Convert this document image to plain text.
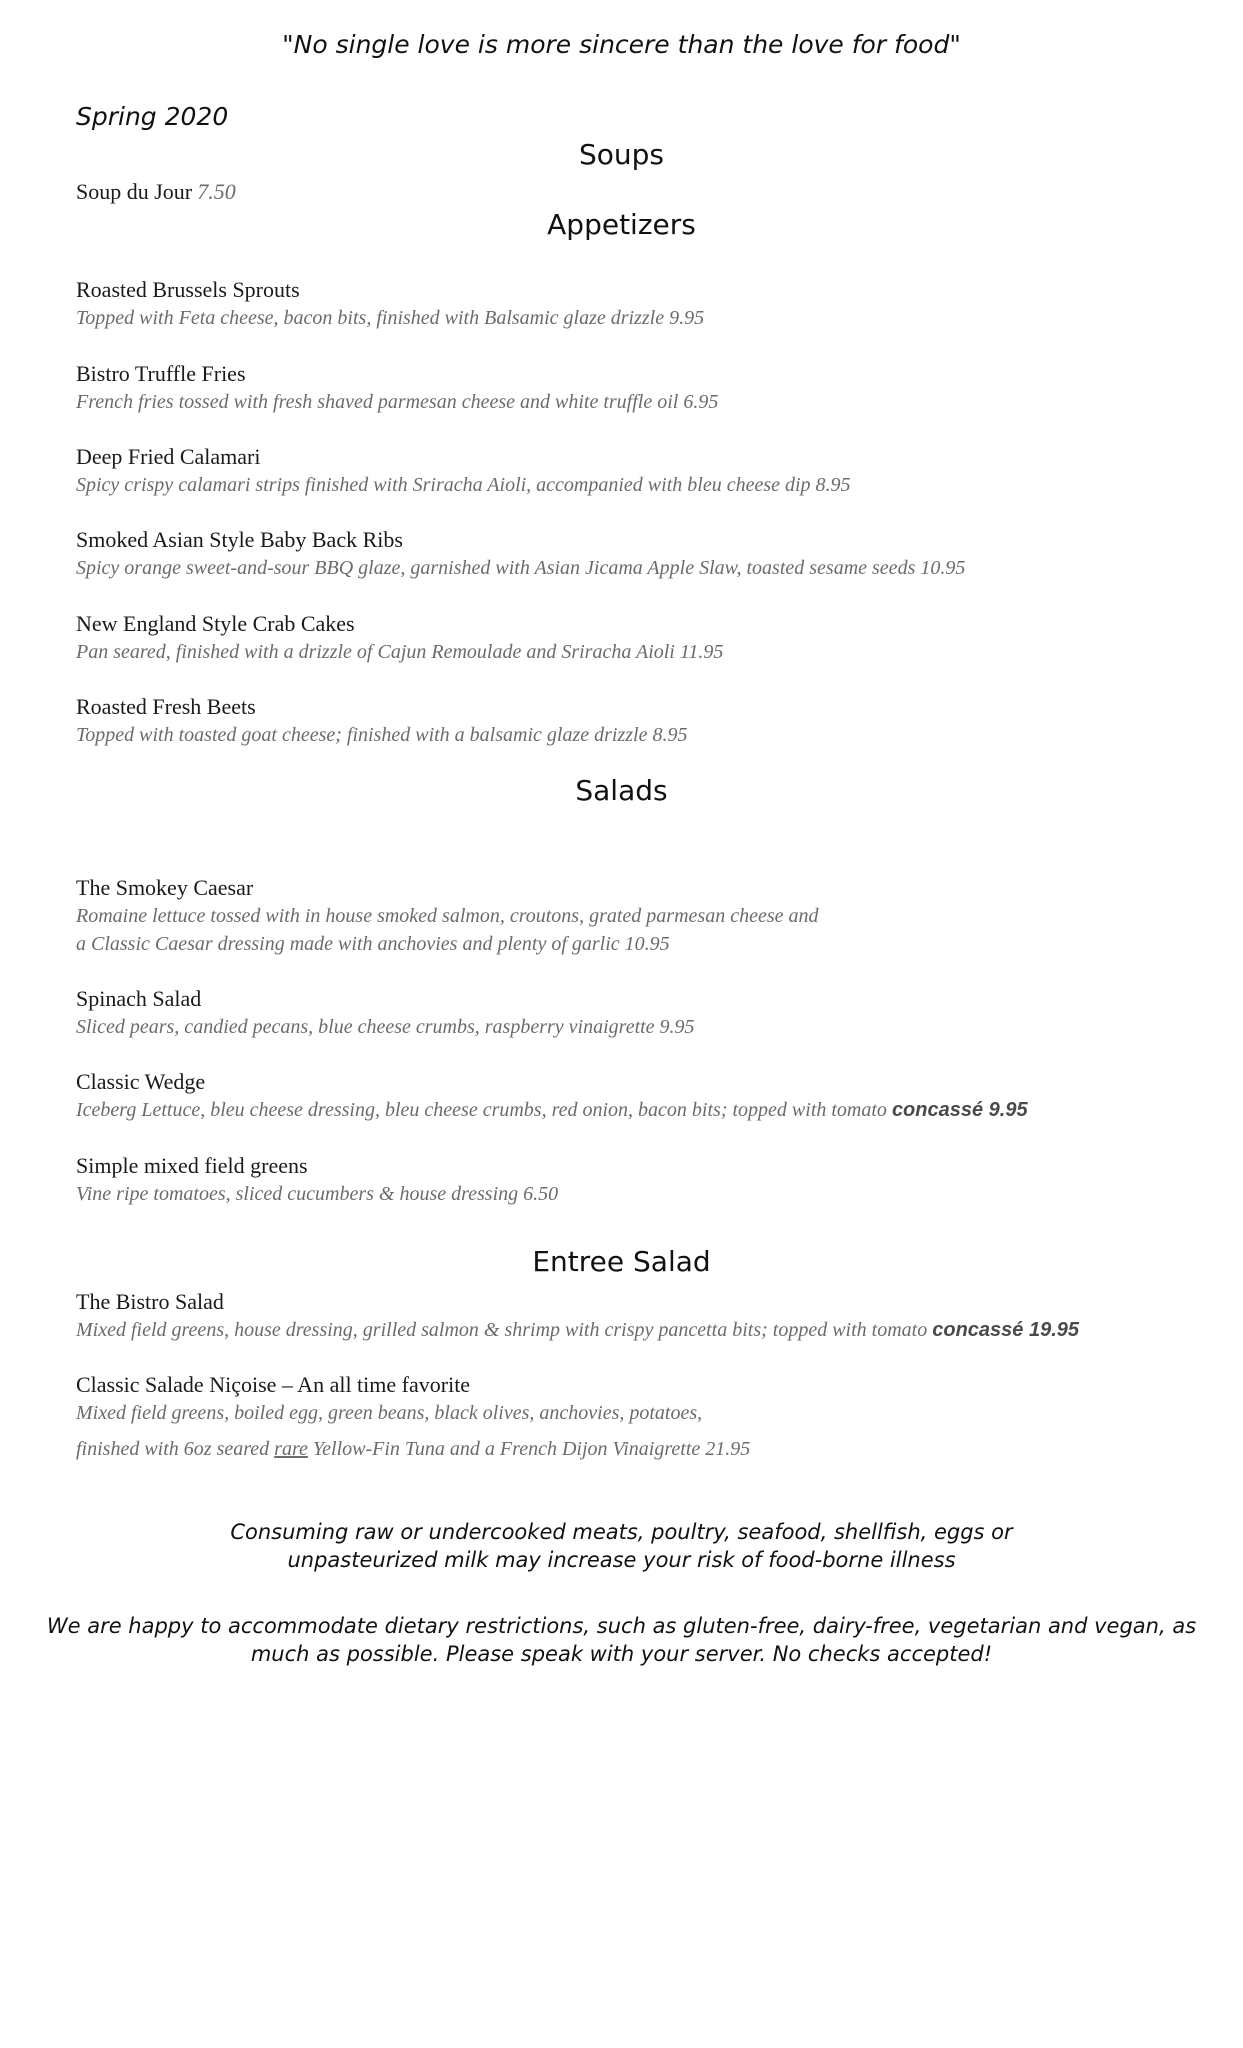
"No single love is more sincere than the love for food"
Spring 2020
Soups
Soup du Jour 7.50
Appetizers
Roasted Brussels Sprouts
Topped with Feta cheese, bacon bits, finished with Balsamic glaze drizzle 9.95
Bistro Truffle Fries
French fries tossed with fresh shaved parmesan cheese and white truffle oil 6.95
Deep Fried Calamari
Spicy crispy calamari strips finished with Sriracha Aioli, accompanied with bleu cheese dip 8.95
Smoked Asian Style Baby Back Ribs
Spicy orange sweet-and-sour BBQ glaze, garnished with Asian Jicama Apple Slaw, toasted sesame seeds 10.95
New England Style Crab Cakes
Pan seared, finished with a drizzle of Cajun Remoulade and Sriracha Aioli 11.95
Roasted Fresh Beets
Topped with toasted goat cheese; finished with a balsamic glaze drizzle 8.95
Salads
The Smokey Caesar
Romaine lettuce tossed with in house smoked salmon, croutons, grated parmesan cheese and
a Classic Caesar dressing made with anchovies and plenty of garlic 10.95
Spinach Salad
Sliced pears, candied pecans, blue cheese crumbs, raspberry vinaigrette 9.95
Classic Wedge
Iceberg Lettuce, bleu cheese dressing, bleu cheese crumbs, red onion, bacon bits; topped with tomato concassé 9.95
Simple mixed field greens
Vine ripe tomatoes, sliced cucumbers & house dressing 6.50
Entree Salad
The Bistro Salad
Mixed field greens, house dressing, grilled salmon & shrimp with crispy pancetta bits; topped with tomato concassé 19.95
Classic Salade Niçoise – An all time favorite
Mixed field greens, boiled egg, green beans, black olives, anchovies, potatoes,
finished with 6oz seared rare Yellow-Fin Tuna and a French Dijon Vinaigrette 21.95
Consuming raw or undercooked meats, poultry, seafood, shellfish, eggs or
unpasteurized milk may increase your risk of food-borne illness
We are happy to accommodate dietary restrictions, such as gluten-free, dairy-free, vegetarian and vegan, as
much as possible. Please speak with your server. No checks accepted!
